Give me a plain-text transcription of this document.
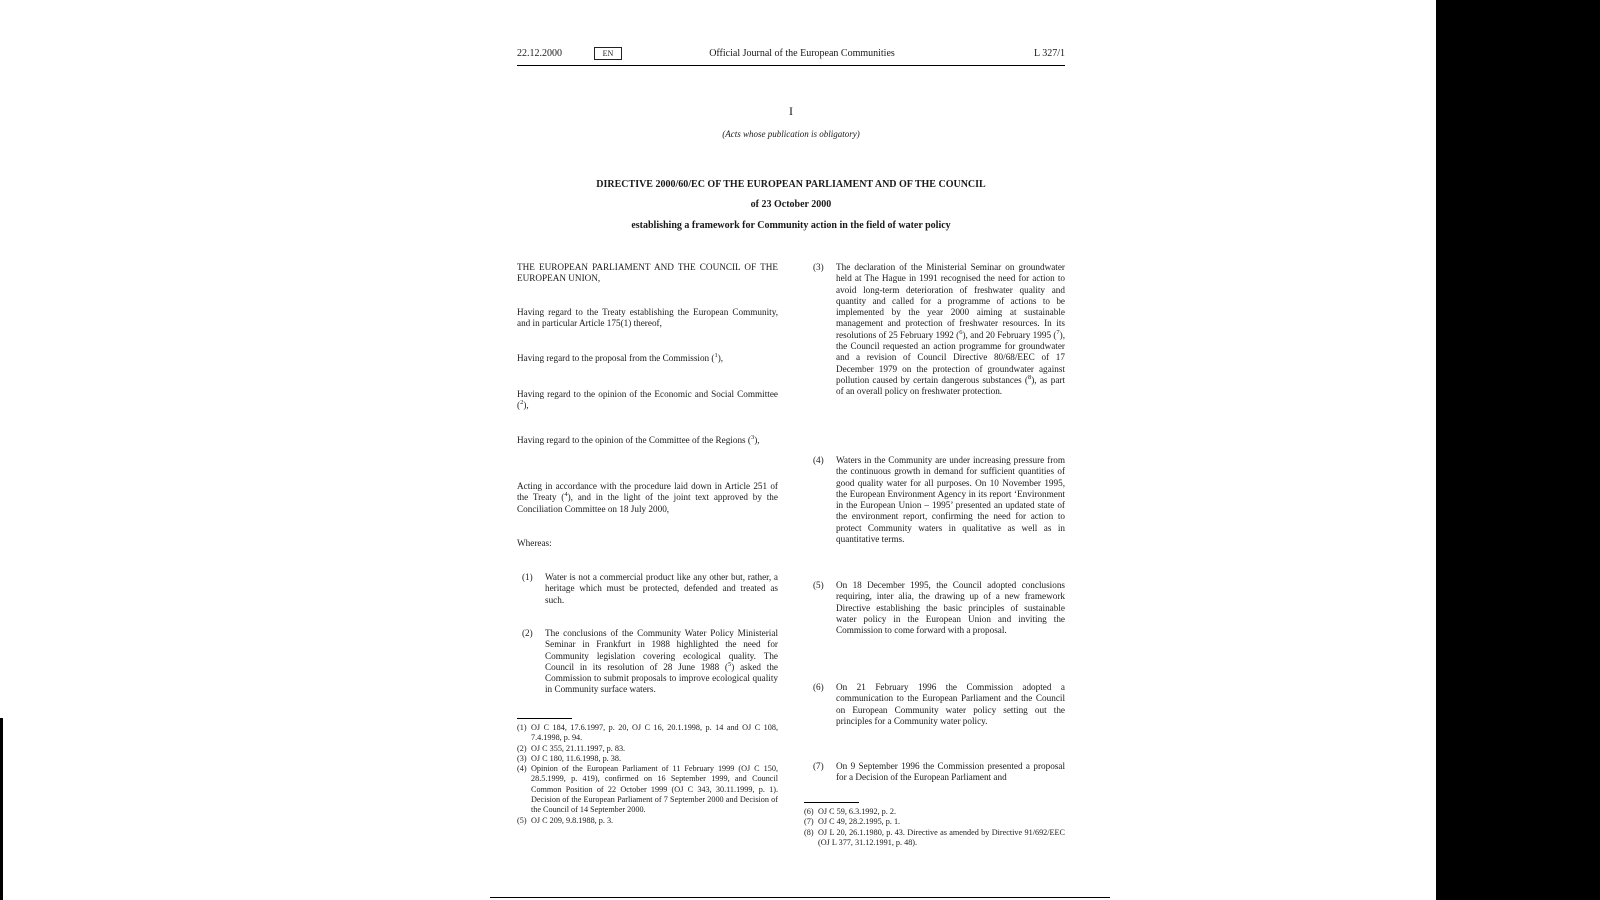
22.12.2000	EN	Official Journal of the European Communities	L 327/1
I
(Acts whose publication is obligatory)
DIRECTIVE 2000/60/EC OF THE EUROPEAN PARLIAMENT AND OF THE COUNCIL
of 23 October 2000
establishing a framework for Community action in the field of water policy

THE EUROPEAN PARLIAMENT AND THE COUNCIL OF THE EUROPEAN UNION,

Having regard to the Treaty establishing the European Community, and in particular Article 175(1) thereof,

Having regard to the proposal from the Commission ($^1$),

Having regard to the opinion of the Economic and Social Committee ($^2$),

Having regard to the opinion of the Committee of the Regions ($^3$),

Acting in accordance with the procedure laid down in Article 251 of the Treaty ($^4$), and in the light of the joint text approved by the Conciliation Committee on 18 July 2000,

Whereas:

(1) Water is not a commercial product like any other but, rather, a heritage which must be protected, defended and treated as such.
(2) The conclusions of the Community Water Policy Ministerial Seminar in Frankfurt in 1988 highlighted the need for Community legislation covering ecological quality. The Council in its resolution of 28 June 1988 ($^5$) asked the Commission to submit proposals to improve ecological quality in Community surface waters.
(1) OJ C 184, 17.6.1997, p. 20, OJ C 16, 20.1.1998, p. 14 and OJ C 108, 7.4.1998, p. 94.
(2) OJ C 355, 21.11.1997, p. 83.
(3) OJ C 180, 11.6.1998, p. 38.
(4) Opinion of the European Parliament of 11 February 1999 (OJ C 150, 28.5.1999, p. 419), confirmed on 16 September 1999, and Council Common Position of 22 October 1999 (OJ C 343, 30.11.1999, p. 1). Decision of the European Parliament of 7 September 2000 and Decision of the Council of 14 September 2000.
(5) OJ C 209, 9.8.1988, p. 3.
(3) The declaration of the Ministerial Seminar on groundwater held at The Hague in 1991 recognised the need for action to avoid long-term deterioration of freshwater quality and quantity and called for a programme of actions to be implemented by the year 2000 aiming at sustainable management and protection of freshwater resources. In its resolutions of 25 February 1992 ($^6$), and 20 February 1995 ($^7$), the Council requested an action programme for groundwater and a revision of Council Directive 80/68/EEC of 17 December 1979 on the protection of groundwater against pollution caused by certain dangerous substances ($^8$), as part of an overall policy on freshwater protection.
(4) Waters in the Community are under increasing pressure from the continuous growth in demand for sufficient quantities of good quality water for all purposes. On 10 November 1995, the European Environment Agency in its report ‘Environment in the European Union – 1995’ presented an updated state of the environment report, confirming the need for action to protect Community waters in qualitative as well as in quantitative terms.
(5) On 18 December 1995, the Council adopted conclusions requiring, inter alia, the drawing up of a new framework Directive establishing the basic principles of sustainable water policy in the European Union and inviting the Commission to come forward with a proposal.
(6) On 21 February 1996 the Commission adopted a communication to the European Parliament and the Council on European Community water policy setting out the principles for a Community water policy.
(7) On 9 September 1996 the Commission presented a proposal for a Decision of the European Parliament and
(6) OJ C 59, 6.3.1992, p. 2.
(7) OJ C 49, 28.2.1995, p. 1.
(8) OJ L 20, 26.1.1980, p. 43. Directive as amended by Directive 91/692/EEC (OJ L 377, 31.12.1991, p. 48).
